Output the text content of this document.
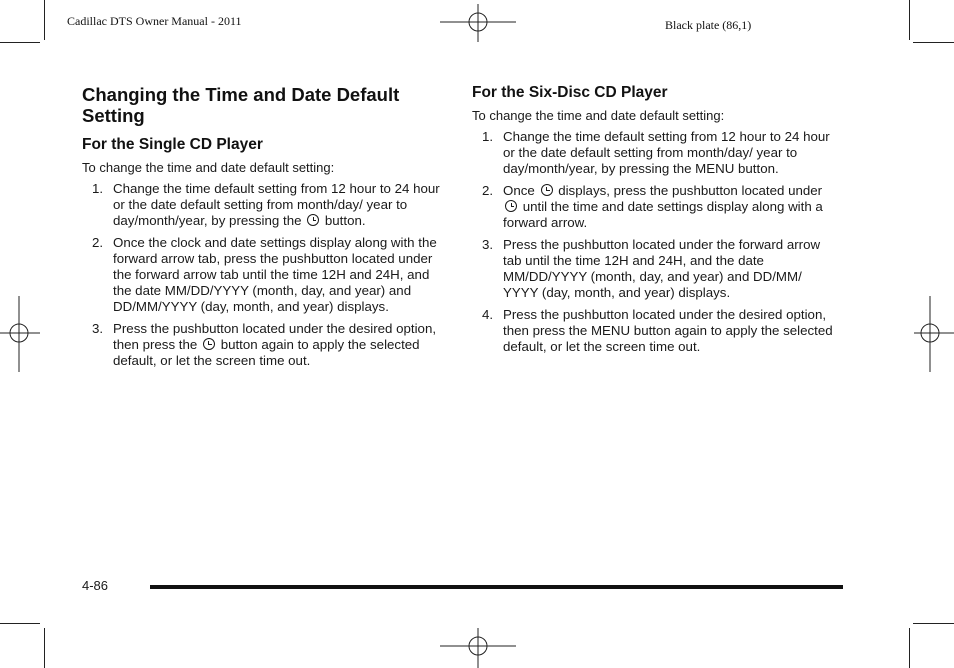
Cadillac DTS Owner Manual - 2011	Black plate (86,1)
Changing the Time and Date Default Setting
For the Single CD Player
To change the time and date default setting:
1. Change the time default setting from 12 hour to 24 hour or the date default setting from month/day/ year to day/month/year, by pressing the button.
2. Once the clock and date settings display along with the forward arrow tab, press the pushbutton located under the forward arrow tab until the time 12H and 24H, and the date MM/DD/YYYY (month, day, and year) and DD/MM/YYYY (day, month, and year) displays.
3. Press the pushbutton located under the desired option, then press the button again to apply the selected default, or let the screen time out.
For the Six-Disc CD Player
To change the time and date default setting:
1. Change the time default setting from 12 hour to 24 hour or the date default setting from month/day/ year to day/month/year, by pressing the MENU button.
2. Once displays, press the pushbutton located under  until the time and date settings display along with a forward arrow.
3. Press the pushbutton located under the forward arrow tab until the time 12H and 24H, and the date MM/DD/YYYY (month, day, and year) and DD/MM/ YYYY (day, month, and year) displays.
4. Press the pushbutton located under the desired option, then press the MENU button again to apply the selected default, or let the screen time out.
4-86
